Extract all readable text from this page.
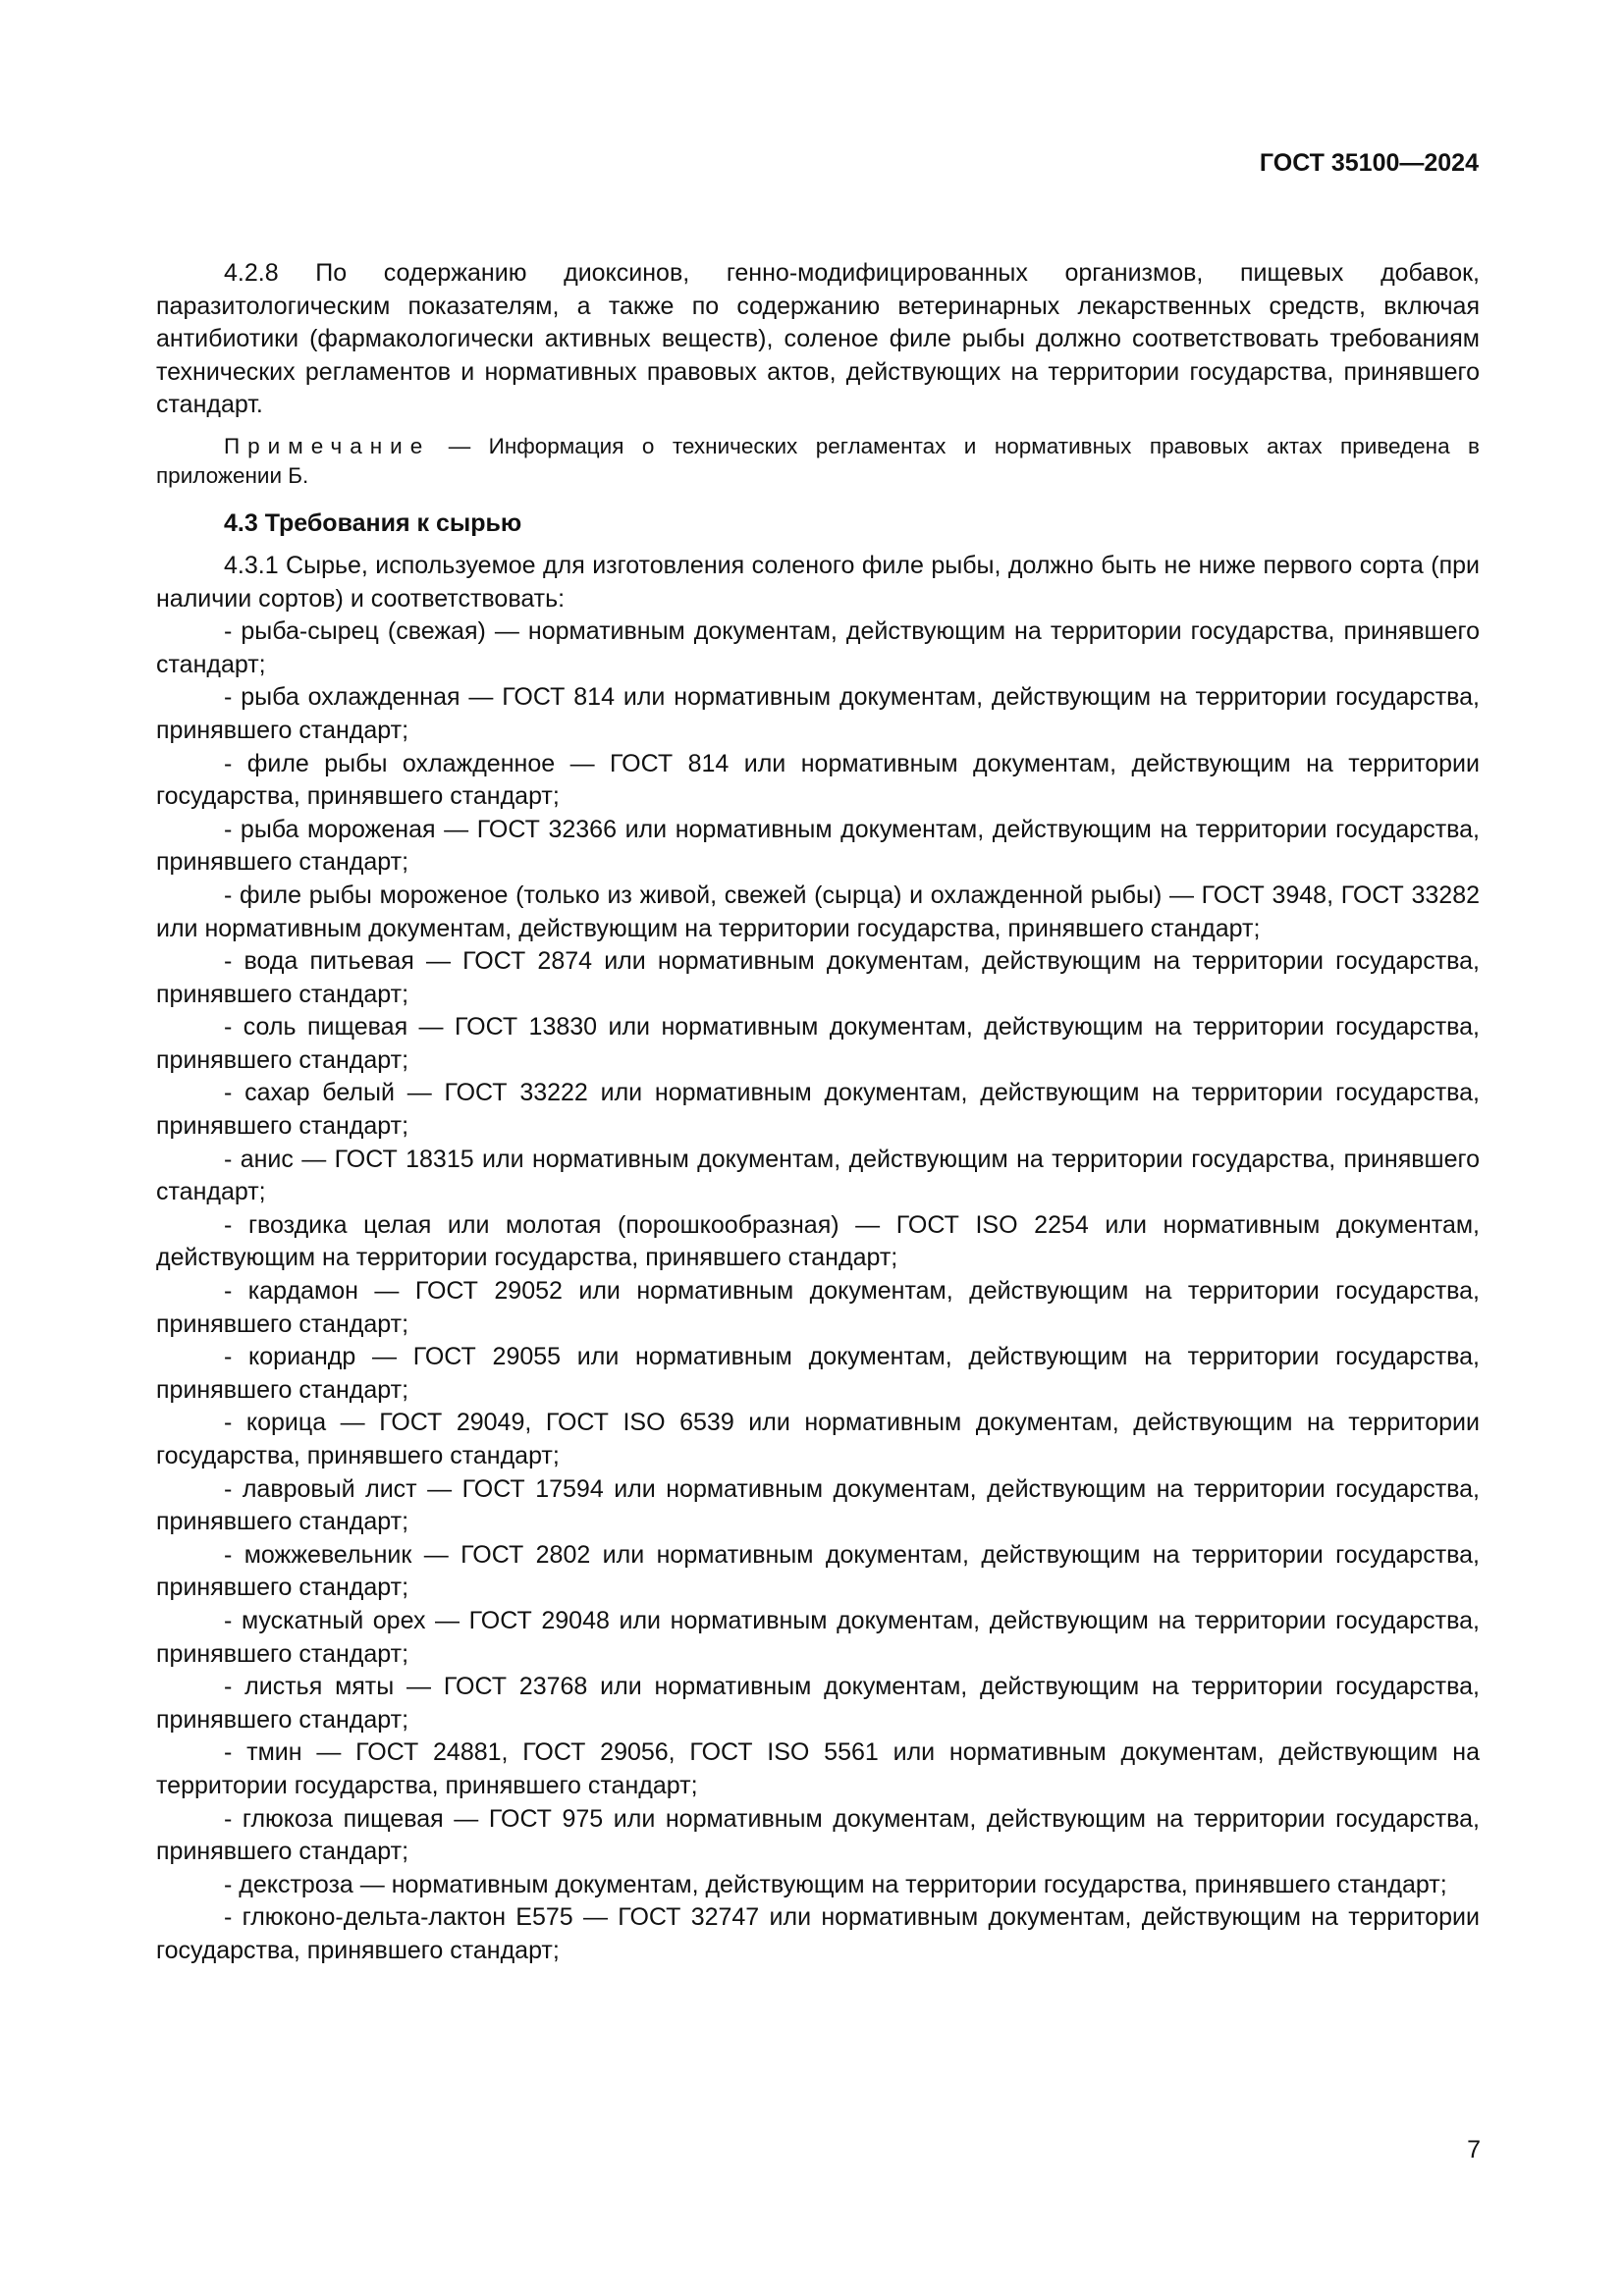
ГОСТ 35100—2024

4.2.8 По содержанию диоксинов, генно-модифицированных организмов, пищевых добавок, паразитологическим показателям, а также по содержанию ветеринарных лекарственных средств, включая антибиотики (фармакологически активных веществ), соленое филе рыбы должно соответствовать требованиям технических регламентов и нормативных правовых актов, действующих на территории государства, принявшего стандарт.

Примечание — Информация о технических регламентах и нормативных правовых актах приведена в приложении Б.

4.3 Требования к сырью

4.3.1 Сырье, используемое для изготовления соленого филе рыбы, должно быть не ниже первого сорта (при наличии сортов) и соответствовать:

- рыба-сырец (свежая) — нормативным документам, действующим на территории государства, принявшего стандарт;

- рыба охлажденная — ГОСТ 814 или нормативным документам, действующим на территории государства, принявшего стандарт;

- филе рыбы охлажденное — ГОСТ 814 или нормативным документам, действующим на территории государства, принявшего стандарт;

- рыба мороженая — ГОСТ 32366 или нормативным документам, действующим на территории государства, принявшего стандарт;

- филе рыбы мороженое (только из живой, свежей (сырца) и охлажденной рыбы) — ГОСТ 3948, ГОСТ 33282 или нормативным документам, действующим на территории государства, принявшего стандарт;

- вода питьевая — ГОСТ 2874 или нормативным документам, действующим на территории государства, принявшего стандарт;

- соль пищевая — ГОСТ 13830 или нормативным документам, действующим на территории государства, принявшего стандарт;

- сахар белый — ГОСТ 33222 или нормативным документам, действующим на территории государства, принявшего стандарт;

- анис — ГОСТ 18315 или нормативным документам, действующим на территории государства, принявшего стандарт;

- гвоздика целая или молотая (порошкообразная) — ГОСТ ISO 2254 или нормативным документам, действующим на территории государства, принявшего стандарт;

- кардамон — ГОСТ 29052 или нормативным документам, действующим на территории государства, принявшего стандарт;

- кориандр — ГОСТ 29055 или нормативным документам, действующим на территории государства, принявшего стандарт;

- корица — ГОСТ 29049, ГОСТ ISO 6539 или нормативным документам, действующим на территории государства, принявшего стандарт;

- лавровый лист — ГОСТ 17594 или нормативным документам, действующим на территории государства, принявшего стандарт;

- можжевельник — ГОСТ 2802 или нормативным документам, действующим на территории государства, принявшего стандарт;

- мускатный орех — ГОСТ 29048 или нормативным документам, действующим на территории государства, принявшего стандарт;

- листья мяты — ГОСТ 23768 или нормативным документам, действующим на территории государства, принявшего стандарт;

- тмин — ГОСТ 24881, ГОСТ 29056, ГОСТ ISO 5561 или нормативным документам, действующим на территории государства, принявшего стандарт;

- глюкоза пищевая — ГОСТ 975 или нормативным документам, действующим на территории государства, принявшего стандарт;

- декстроза — нормативным документам, действующим на территории государства, принявшего стандарт;

- глюконо-дельта-лактон Е575 — ГОСТ 32747 или нормативным документам, действующим на территории государства, принявшего стандарт;

7
